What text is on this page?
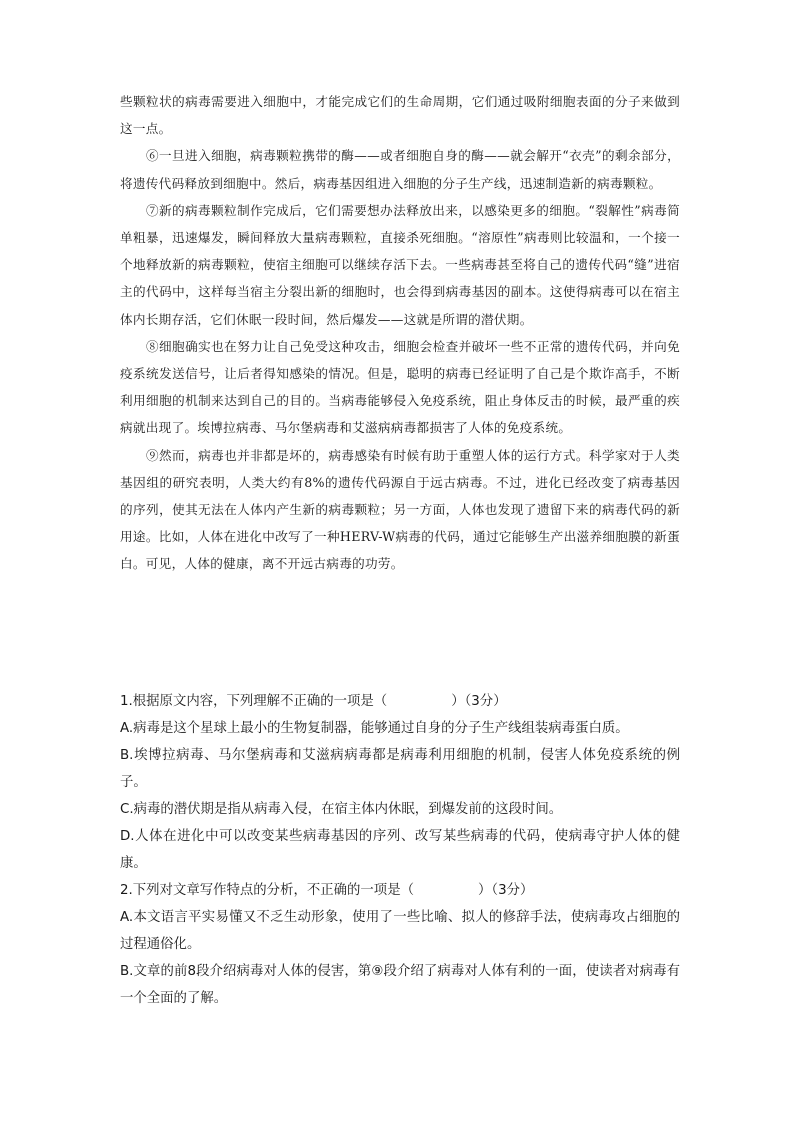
些颗粒状的病毒需要进入细胞中，才能完成它们的生命周期，它们通过吸附细胞表面的分子来做到这一点。

⑥一旦进入细胞，病毒颗粒携带的酶——或者细胞自身的酶——就会解开“衣壳”的剩余部分，将遗传代码释放到细胞中。然后，病毒基因组进入细胞的分子生产线，迅速制造新的病毒颗粒。

⑦新的病毒颗粒制作完成后，它们需要想办法释放出来，以感染更多的细胞。“裂解性”病毒简单粗暴，迅速爆发，瞬间释放大量病毒颗粒，直接杀死细胞。“溶原性”病毒则比较温和，一个接一个地释放新的病毒颗粒，使宿主细胞可以继续存活下去。一些病毒甚至将自己的遗传代码“缝”进宿主的代码中，这样每当宿主分裂出新的细胞时，也会得到病毒基因的副本。这使得病毒可以在宿主体内长期存活，它们休眠一段时间，然后爆发——这就是所谓的潜伏期。

⑧细胞确实也在努力让自己免受这种攻击，细胞会检查并破坏一些不正常的遗传代码，并向免疫系统发送信号，让后者得知感染的情况。但是，聪明的病毒已经证明了自己是个欺诈高手，不断利用细胞的机制来达到自己的目的。当病毒能够侵入免疫系统，阻止身体反击的时候，最严重的疾病就出现了。埃博拉病毒、马尔堡病毒和艾滋病病毒都损害了人体的免疫系统。

⑨然而，病毒也并非都是坏的，病毒感染有时候有助于重塑人体的运行方式。科学家对于人类基因组的研究表明，人类大约有8%的遗传代码源自于远古病毒。不过，进化已经改变了病毒基因的序列，使其无法在人体内产生新的病毒颗粒；另一方面，人体也发现了遗留下来的病毒代码的新用途。比如，人体在进化中改写了一种HERV-W病毒的代码，通过它能够生产出滋养细胞膜的新蛋白。可见，人体的健康，离不开远古病毒的功劳。

1.根据原文内容，下列理解不正确的一项是（	）（3分）

A.病毒是这个星球上最小的生物复制器，能够通过自身的分子生产线组装病毒蛋白质。

B.埃博拉病毒、马尔堡病毒和艾滋病病毒都是病毒利用细胞的机制，侵害人体免疫系统的例子。

C.病毒的潜伏期是指从病毒入侵，在宿主体内休眠，到爆发前的这段时间。

D.人体在进化中可以改变某些病毒基因的序列、改写某些病毒的代码，使病毒守护人体的健康。

2.下列对文章写作特点的分析，不正确的一项是（	）（3分）

A.本文语言平实易懂又不乏生动形象，使用了一些比喻、拟人的修辞手法，使病毒攻占细胞的过程通俗化。

B.文章的前8段介绍病毒对人体的侵害，第⑨段介绍了病毒对人体有利的一面，使读者对病毒有一个全面的了解。
